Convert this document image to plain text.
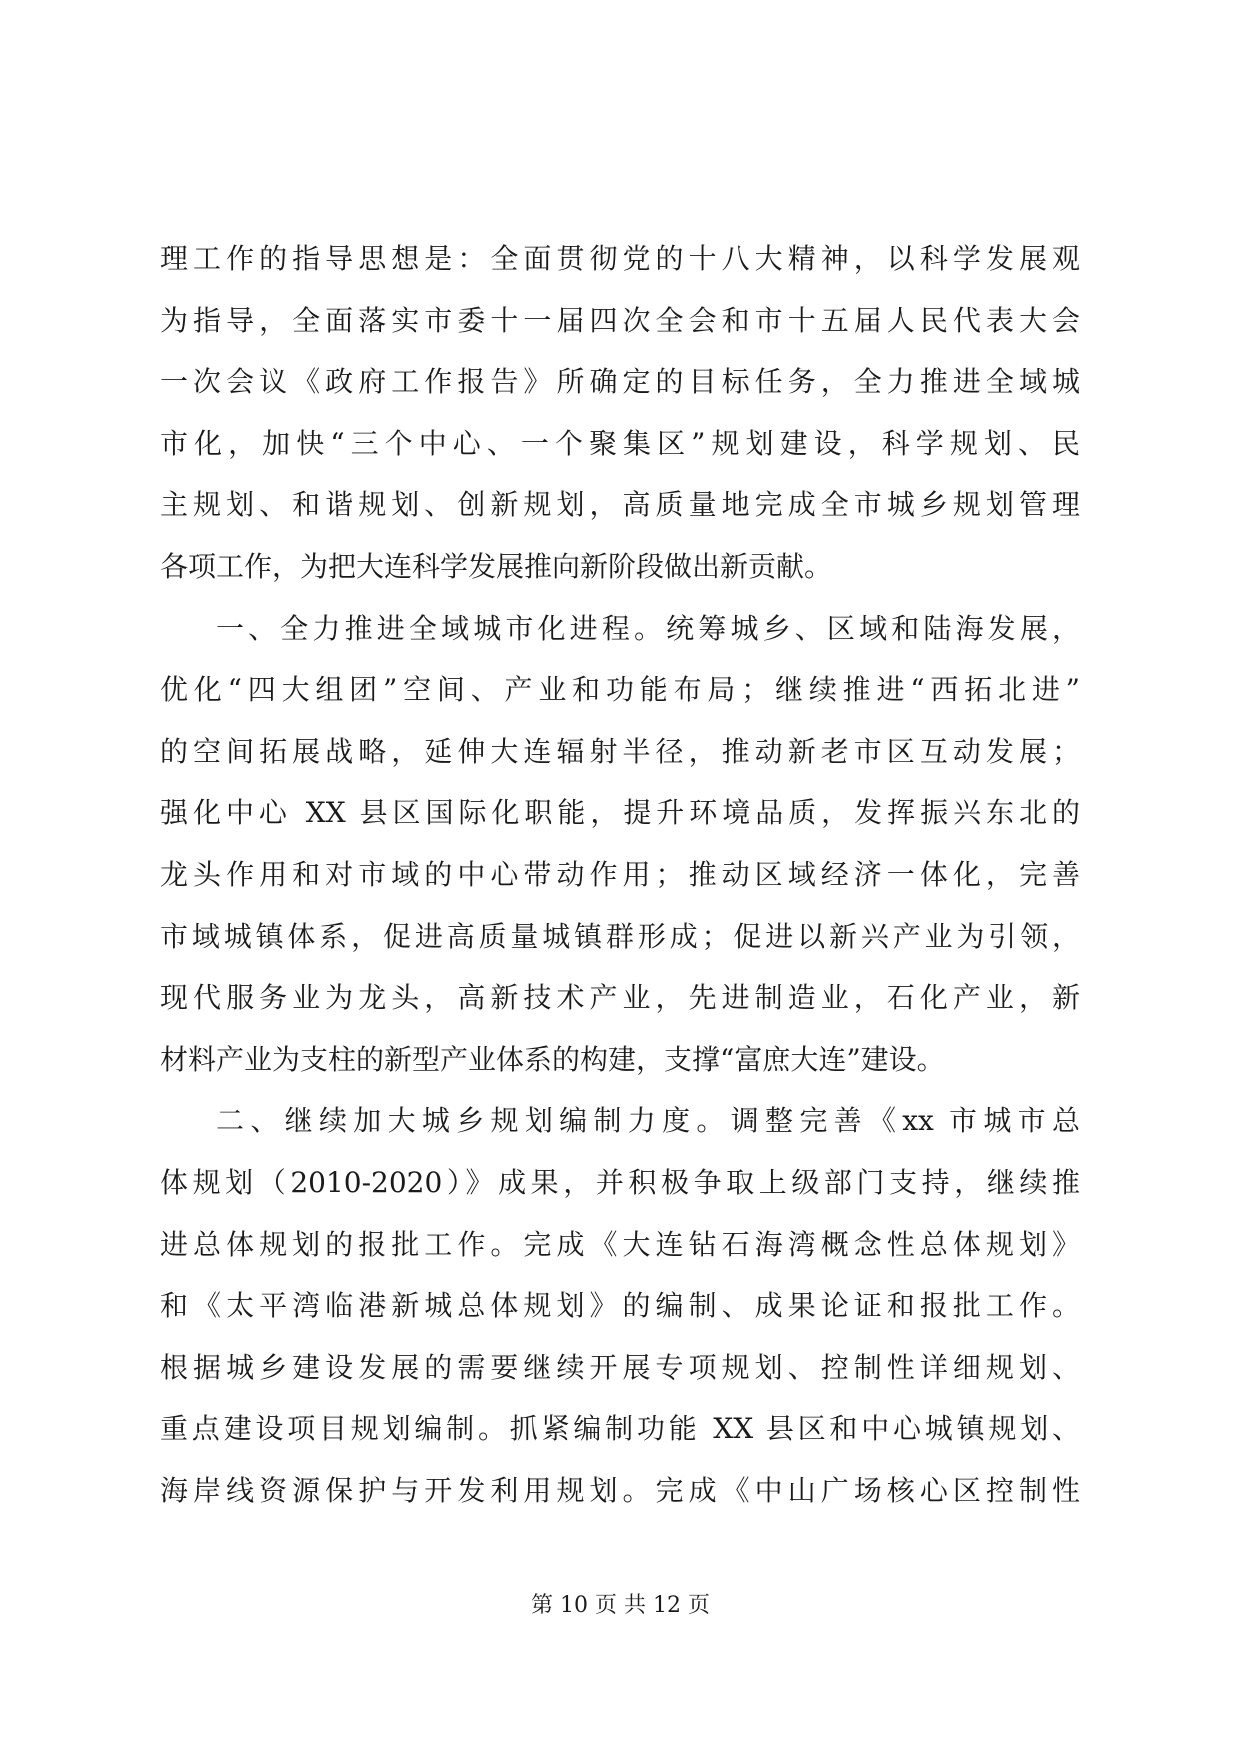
理工作的指导思想是：全面贯彻党的十八大精神，以科学发展观
为指导，全面落实市委十一届四次全会和市十五届人民代表大会
一次会议《政府工作报告》所确定的目标任务，全力推进全域城
市化，加快“三个中心、一个聚集区”规划建设，科学规划、民
主规划、和谐规划、创新规划，高质量地完成全市城乡规划管理
各项工作，为把大连科学发展推向新阶段做出新贡献。
一、全力推进全域城市化进程。统筹城乡、区域和陆海发展，
优化“四大组团”空间、产业和功能布局；继续推进“西拓北进”
的空间拓展战略，延伸大连辐射半径，推动新老市区互动发展；
强化中心 XX 县区国际化职能，提升环境品质，发挥振兴东北的
龙头作用和对市域的中心带动作用；推动区域经济一体化，完善
市域城镇体系，促进高质量城镇群形成；促进以新兴产业为引领，
现代服务业为龙头，高新技术产业，先进制造业，石化产业，新
材料产业为支柱的新型产业体系的构建，支撑“富庶大连”建设。
二、继续加大城乡规划编制力度。调整完善《xx 市城市总
体规划（2010-2020）》成果，并积极争取上级部门支持，继续推
进总体规划的报批工作。完成《大连钻石海湾概念性总体规划》
和《太平湾临港新城总体规划》的编制、成果论证和报批工作。
根据城乡建设发展的需要继续开展专项规划、控制性详细规划、
重点建设项目规划编制。抓紧编制功能 XX 县区和中心城镇规划、
海岸线资源保护与开发利用规划。完成《中山广场核心区控制性
第 10 页 共 12 页
